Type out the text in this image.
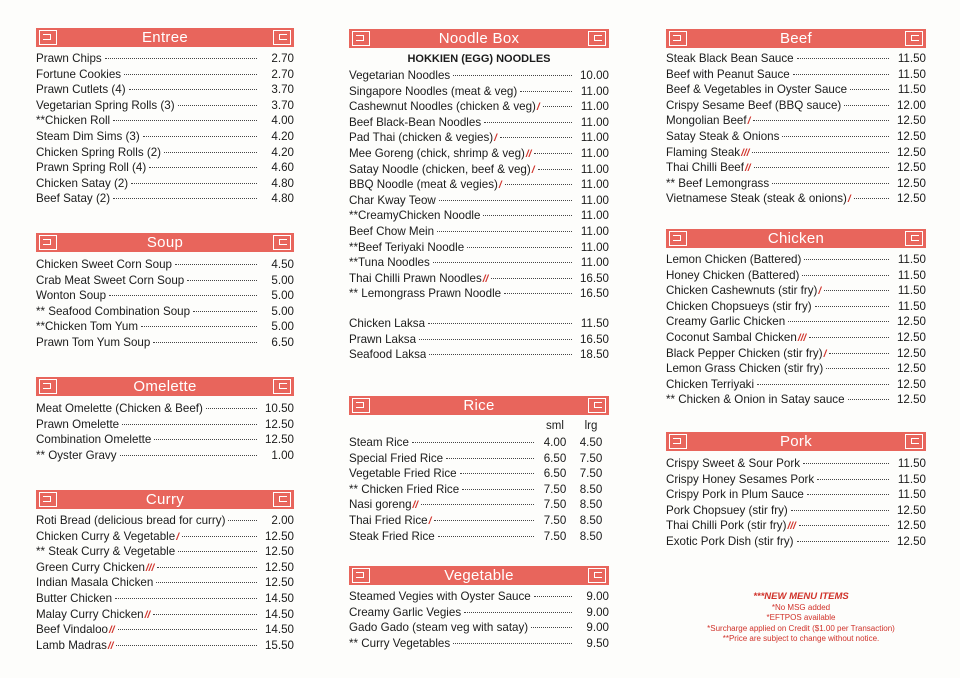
Entree
Prawn Chips	2.70
Fortune Cookies	2.70
Prawn Cutlets (4)	3.70
Vegetarian Spring Rolls (3)	3.70
**Chicken Roll	4.00
Steam Dim Sims (3)	4.20
Chicken Spring Rolls (2)	4.20
Prawn Spring Roll (4)	4.60
Chicken Satay (2)	4.80
Beef Satay (2)	4.80
Soup
Chicken Sweet Corn Soup	4.50
Crab Meat Sweet Corn Soup	5.00
Wonton Soup	5.00
** Seafood Combination Soup	5.00
**Chicken Tom Yum	5.00
Prawn Tom Yum Soup	6.50
Omelette
Meat Omelette (Chicken & Beef)	10.50
Prawn Omelette	12.50
Combination Omelette	12.50
** Oyster Gravy	1.00
Curry
Roti Bread (delicious bread for curry)	2.00
Chicken Curry & Vegetable /	12.50
** Steak Curry & Vegetable	12.50
Green Curry Chicken ///	12.50
Indian Masala Chicken	12.50
Butter Chicken	14.50
Malay Curry Chicken //	14.50
Beef Vindaloo //	14.50
Lamb Madras //	15.50
Noodle Box
HOKKIEN (EGG) NOODLES
Vegetarian Noodles	10.00
Singapore Noodles (meat & veg)	11.00
Cashewnut Noodles (chicken & veg) /	11.00
Beef Black-Bean Noodles	11.00
Pad Thai (chicken & vegies) /	11.00
Mee Goreng (chick, shrimp & veg) //	11.00
Satay Noodle (chicken, beef & veg) /	11.00
BBQ Noodle (meat & vegies) /	11.00
Char Kway Teow	11.00
**CreamyChicken Noodle	11.00
Beef Chow Mein	11.00
**Beef Teriyaki Noodle	11.00
**Tuna Noodles	11.00
Thai Chilli Prawn Noodles //	16.50
** Lemongrass Prawn Noodle	16.50
Chicken Laksa	11.50
Prawn Laksa	16.50
Seafood Laksa	18.50
Rice
sml	lrg
Steam Rice	4.00	4.50
Special Fried Rice	6.50	7.50
Vegetable Fried Rice	6.50	7.50
** Chicken Fried Rice	7.50	8.50
Nasi goreng //	7.50	8.50
Thai Fried Rice /	7.50	8.50
Steak Fried Rice	7.50	8.50
Vegetable
Steamed Vegies with Oyster Sauce	9.00
Creamy Garlic Vegies	9.00
Gado Gado (steam veg with satay)	9.00
** Curry Vegetables	9.50
Beef
Steak Black Bean Sauce	11.50
Beef with Peanut Sauce	11.50
Beef & Vegetables in Oyster Sauce	11.50
Crispy Sesame Beef (BBQ sauce)	12.00
Mongolian Beef /	12.50
Satay Steak & Onions	12.50
Flaming Steak ///	12.50
Thai Chilli Beef //	12.50
** Beef Lemongrass	12.50
Vietnamese Steak (steak & onions) /	12.50
Chicken
Lemon Chicken (Battered)	11.50
Honey Chicken (Battered)	11.50
Chicken Cashewnuts (stir fry) /	11.50
Chicken Chopsueys (stir fry)	11.50
Creamy Garlic Chicken	12.50
Coconut Sambal Chicken ///	12.50
Black Pepper Chicken (stir fry) /	12.50
Lemon Grass Chicken (stir fry)	12.50
Chicken Terriyaki	12.50
** Chicken & Onion in Satay sauce	12.50
Pork
Crispy Sweet & Sour Pork	11.50
Crispy Honey Sesames Pork	11.50
Crispy Pork in Plum Sauce	11.50
Pork Chopsuey (stir fry)	12.50
Thai Chilli Pork (stir fry) ///	12.50
Exotic Pork Dish (stir fry)	12.50
***NEW MENU ITEMS
*No MSG added
*EFTPOS available
*Surcharge applied on Credit ($1.00 per Transaction)
**Price are subject to change without notice.
